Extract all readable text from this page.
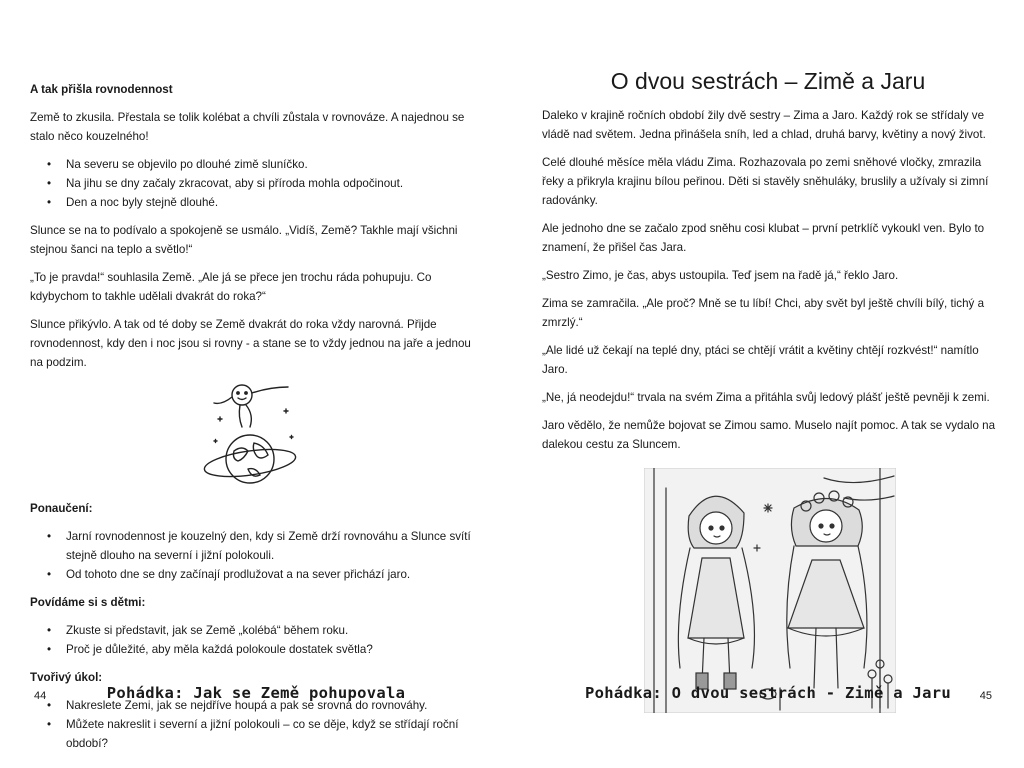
A tak přišla rovnodennost

Země to zkusila. Přestala se tolik kolébat a chvíli zůstala v rovnováze. A najednou se stalo něco kouzelného!

• Na severu se objevilo po dlouhé zimě sluníčko.
• Na jihu se dny začaly zkracovat, aby si příroda mohla odpočinout.
• Den a noc byly stejně dlouhé.

Slunce se na to podívalo a spokojeně se usmálo. „Vidíš, Země? Takhle mají všichni stejnou šanci na teplo a světlo!“

„To je pravda!“ souhlasila Země. „Ale já se přece jen trochu ráda pohupuju. Co kdybychom to takhle udělali dvakrát do roka?“

Slunce přikývlo. A tak od té doby se Země dvakrát do roka vždy narovná. Přijde rovnodennost, kdy den i noc jsou si rovny - a stane se to vždy jednou na jaře a jednou na podzim.

Ponaučení:
• Jarní rovnodennost je kouzelný den, kdy si Země drží rovnováhu a Slunce svítí stejně dlouho na severní i jižní polokouli.
• Od tohoto dne se dny začínají prodlužovat a na sever přichází jaro.
Povídáme si s dětmi:
• Zkuste si představit, jak se Země „kolébá“ během roku.
• Proč je důležité, aby měla každá polokoule dostatek světla?
Tvořivý úkol:
• Nakreslete Zemi, jak se nejdříve houpá a pak se srovná do rovnováhy.
• Můžete nakreslit i severní a jižní polokouli – co se děje, když se střídají roční období?
44	Pohádka: Jak se Země pohupovala
O dvou sestrách – Zimě a Jaru

Daleko v krajině ročních období žily dvě sestry – Zima a Jaro. Každý rok se střídaly ve vládě nad světem. Jedna přinášela sníh, led a chlad, druhá barvy, květiny a nový život.

Celé dlouhé měsíce měla vládu Zima. Rozhazovala po zemi sněhové vločky, zmrazila řeky a přikryla krajinu bílou peřinou. Děti si stavěly sněhuláky, bruslily a užívaly si zimní radovánky.

Ale jednoho dne se začalo zpod sněhu cosi klubat – první petrklíč vykoukl ven. Bylo to znamení, že přišel čas Jara.

„Sestro Zimo, je čas, abys ustoupila. Teď jsem na řadě já,“ řeklo Jaro.

Zima se zamračila. „Ale proč? Mně se tu líbí! Chci, aby svět byl ještě chvíli bílý, tichý a zmrzlý.“

„Ale lidé už čekají na teplé dny, ptáci se chtějí vrátit a květiny chtějí rozkvést!“ namítlo Jaro.

„Ne, já neodejdu!“ trvala na svém Zima a přitáhla svůj ledový plášť ještě pevněji k zemi.

Jaro vědělo, že nemůže bojovat se Zimou samo. Muselo najít pomoc. A tak se vydalo na dalekou cestu za Sluncem.

Pohádka: O dvou sestrách - Zimě a Jaru	45
